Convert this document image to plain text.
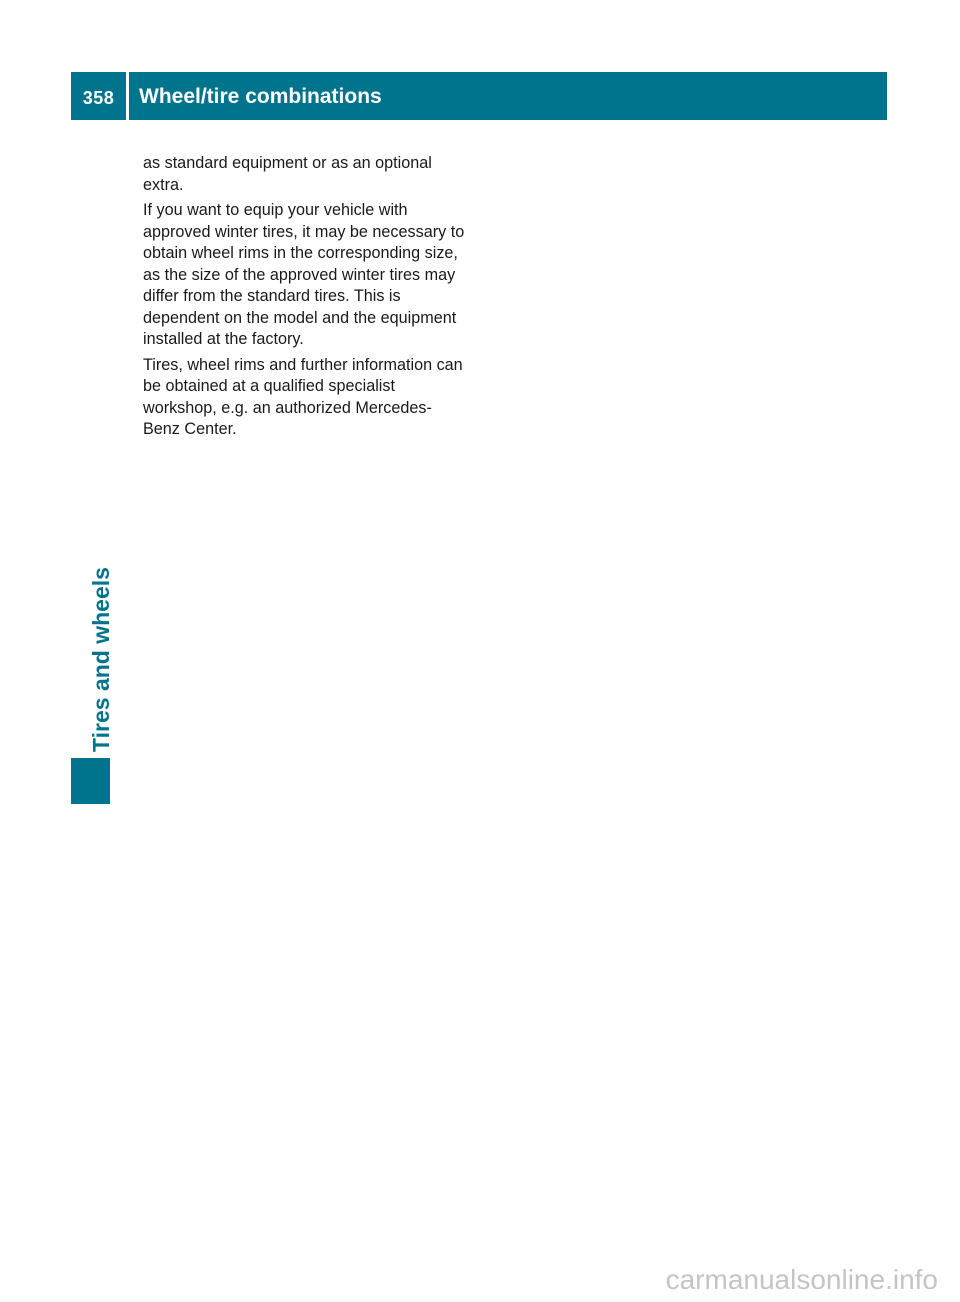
358	Wheel/tire combinations
Tires and wheels

as standard equipment or as an optional extra.

If you want to equip your vehicle with approved winter tires, it may be necessary to obtain wheel rims in the corresponding size, as the size of the approved winter tires may differ from the standard tires. This is dependent on the model and the equipment installed at the factory.

Tires, wheel rims and further information can be obtained at a qualified specialist workshop, e.g. an authorized Mercedes-Benz Center.

carmanualsonline.info
